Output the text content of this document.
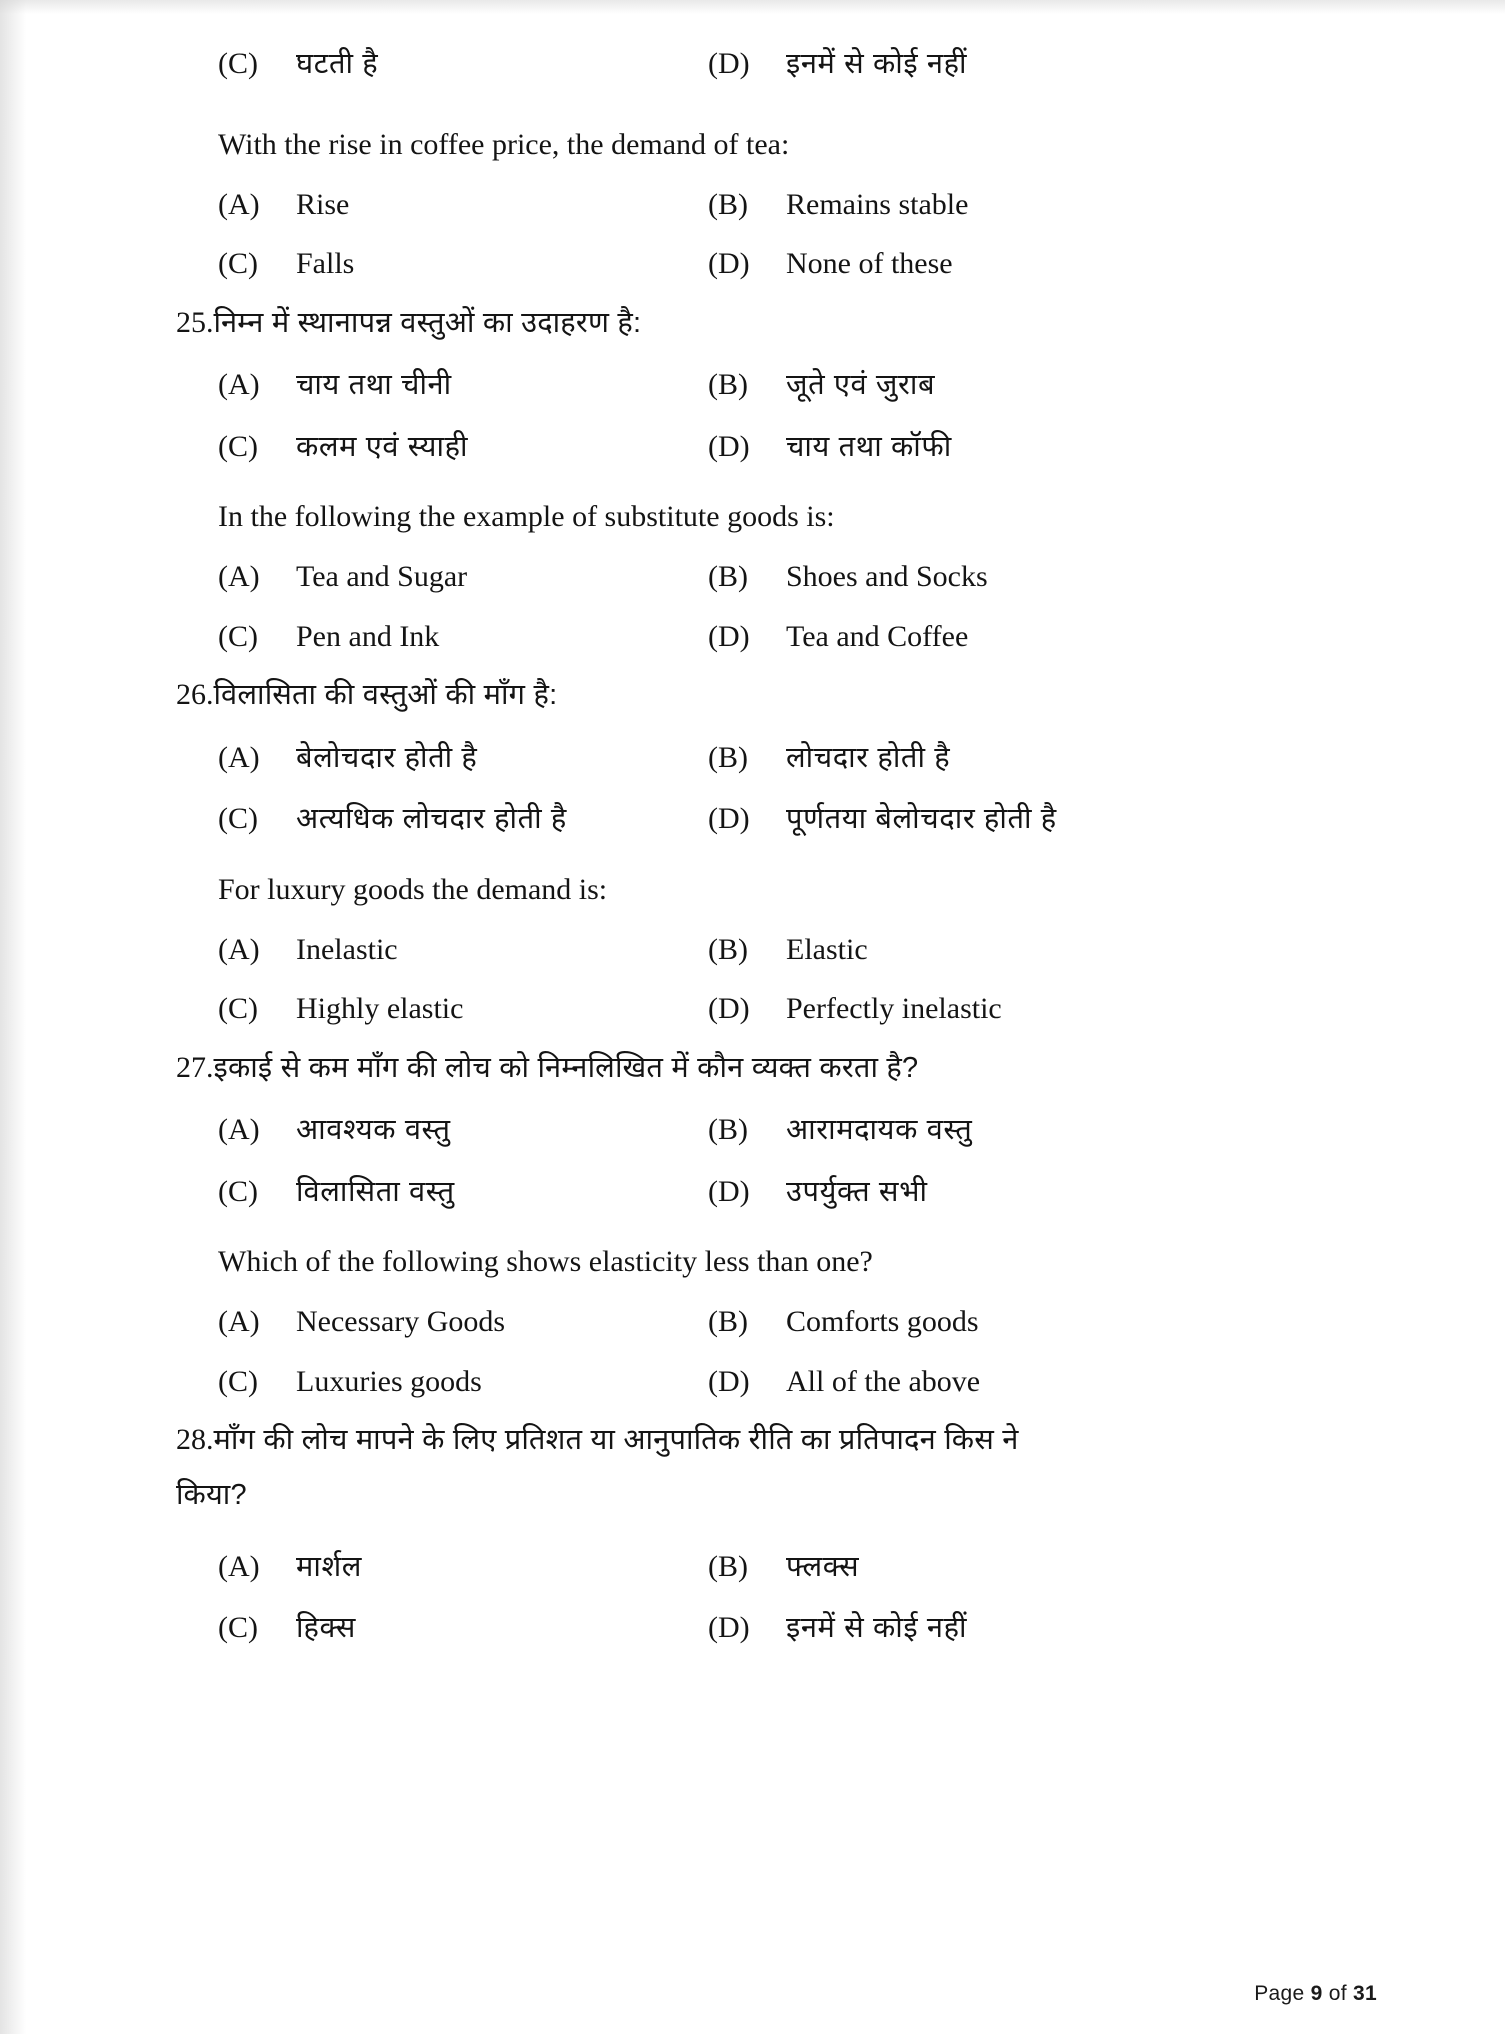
(C)	घटती है	(D)	इनमें से कोई नहीं
With the rise in coffee price, the demand of tea:
(A)	Rise	(B)	Remains stable
(C)	Falls	(D)	None of these
25. निम्न में स्थानापन्न वस्तुओं का उदाहरण है:
(A)	चाय तथा चीनी	(B)	जूते एवं जुराब
(C)	कलम एवं स्याही	(D)	चाय तथा कॉफी
In the following the example of substitute goods is:
(A)	Tea and Sugar	(B)	Shoes and Socks
(C)	Pen and Ink	(D)	Tea and Coffee
26. विलासिता की वस्तुओं की माँग है:
(A)	बेलोचदार होती है	(B)	लोचदार होती है
(C)	अत्यधिक लोचदार होती है	(D)	पूर्णतया बेलोचदार होती है
For luxury goods the demand is:
(A)	Inelastic	(B)	Elastic
(C)	Highly elastic	(D)	Perfectly inelastic
27. इकाई से कम माँग की लोच को निम्नलिखित में कौन व्यक्त करता है?
(A)	आवश्यक वस्तु	(B)	आरामदायक वस्तु
(C)	विलासिता वस्तु	(D)	उपर्युक्त सभी
Which of the following shows elasticity less than one?
(A)	Necessary Goods	(B)	Comforts goods
(C)	Luxuries goods	(D)	All of the above
28. माँग की लोच मापने के लिए प्रतिशत या आनुपातिक रीति का प्रतिपादन किस ने
किया?
(A)	मार्शल	(B)	फ्लक्स
(C)	हिक्स	(D)	इनमें से कोई नहीं
Page 9 of 31
